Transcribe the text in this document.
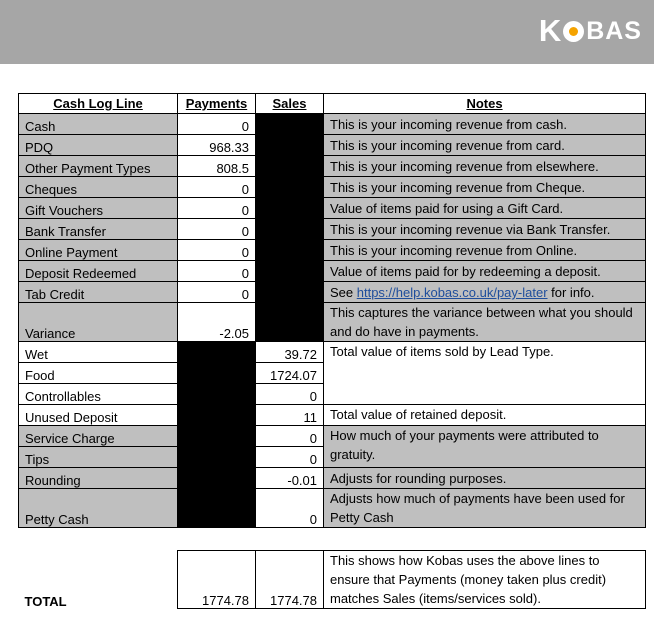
K BAS
Cash Log Line	Payments	Sales	Notes
Cash	0		This is your incoming revenue from cash.
PDQ	968.33		This is your incoming revenue from card.
Other Payment Types	808.5		This is your incoming revenue from elsewhere.
Cheques	0		This is your incoming revenue from Cheque.
Gift Vouchers	0		Value of items paid for using a Gift Card.
Bank Transfer	0		This is your incoming revenue via Bank Transfer.
Online Payment	0		This is your incoming revenue from Online.
Deposit Redeemed	0		Value of items paid for by redeeming a deposit.
Tab Credit	0		See https://help.kobas.co.uk/pay-later for info.
Variance	-2.05		This captures the variance between what you should and do have in payments.
Wet		39.72	Total value of items sold by Lead Type.
Food		1724.07	
Controllables		0	
Unused Deposit		11	Total value of retained deposit.
Service Charge		0	How much of your payments were attributed to gratuity.
Tips		0	
Rounding		-0.01	Adjusts for rounding purposes.
Petty Cash		0	Adjusts how much of payments have been used for Petty Cash

TOTAL	1774.78	1774.78	This shows how Kobas uses the above lines to ensure that Payments (money taken plus credit) matches Sales (items/services sold).
